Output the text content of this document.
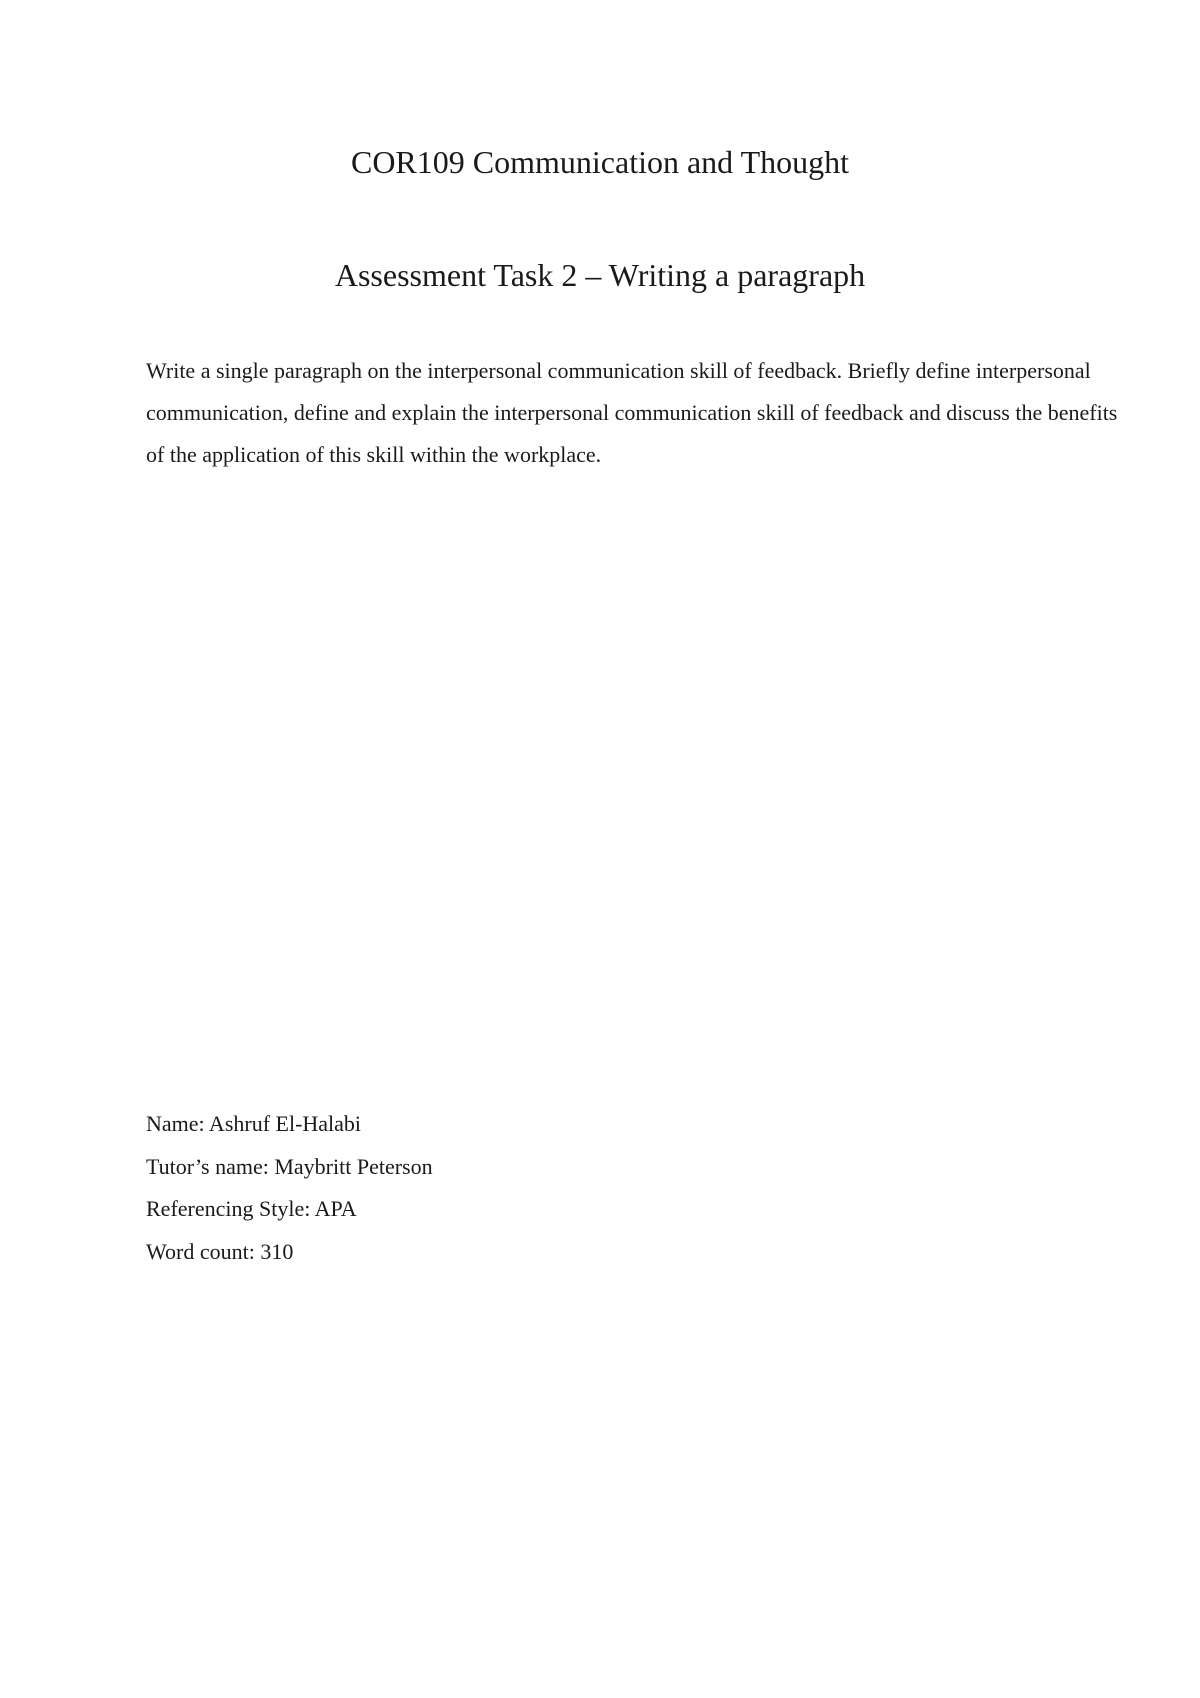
COR109 Communication and Thought
Assessment Task 2 – Writing a paragraph

Write a single paragraph on the interpersonal communication skill of feedback. Briefly define interpersonal communication, define and explain the interpersonal communication skill of feedback and discuss the benefits of the application of this skill within the workplace.

Name: Ashruf El-Halabi
Tutor’s name: Maybritt Peterson
Referencing Style: APA
Word count: 310
